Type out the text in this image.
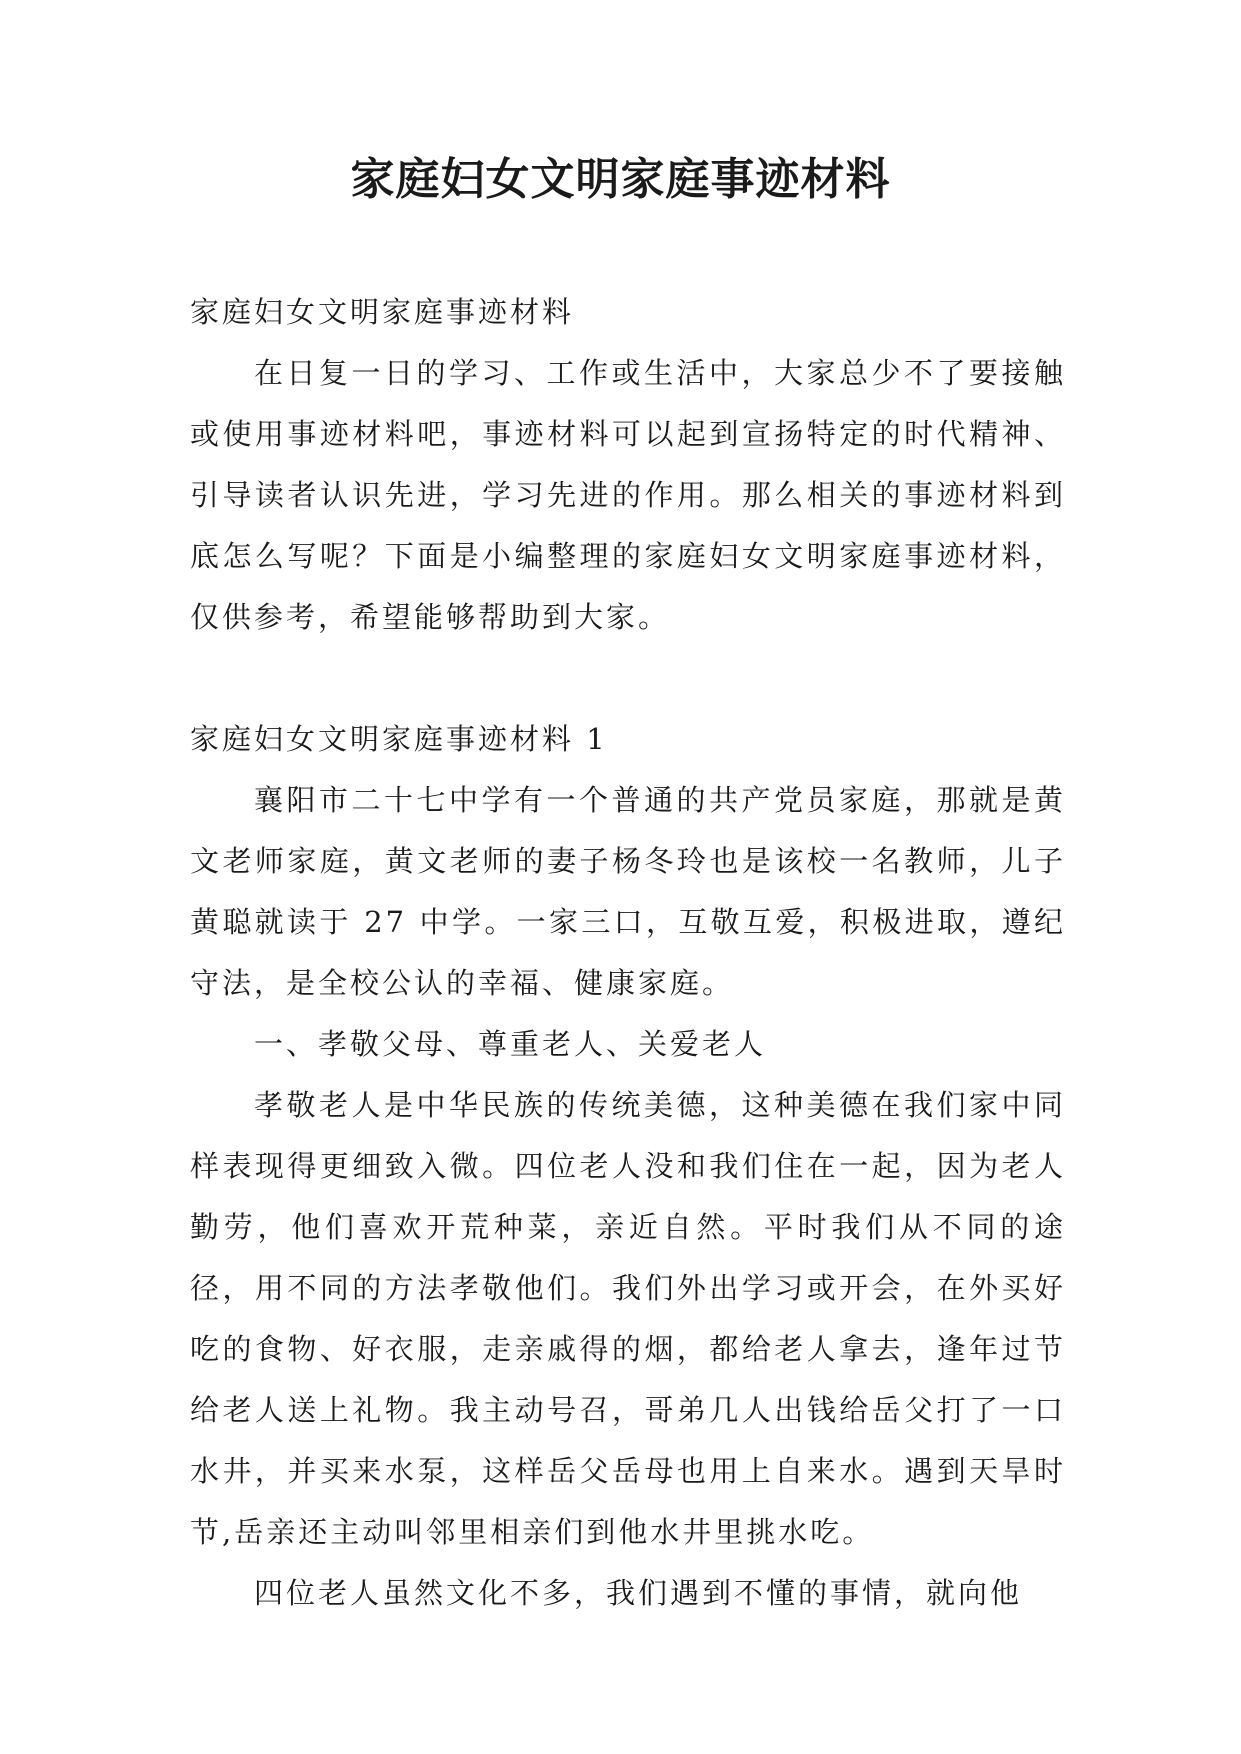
家庭妇女文明家庭事迹材料

家庭妇女文明家庭事迹材料

在日复一日的学习、工作或生活中，大家总少不了要接触或使用事迹材料吧，事迹材料可以起到宣扬特定的时代精神、引导读者认识先进，学习先进的作用。那么相关的事迹材料到底怎么写呢？下面是小编整理的家庭妇女文明家庭事迹材料，仅供参考，希望能够帮助到大家。

家庭妇女文明家庭事迹材料 1

襄阳市二十七中学有一个普通的共产党员家庭，那就是黄文老师家庭，黄文老师的妻子杨冬玲也是该校一名教师，儿子黄聪就读于 27 中学。一家三口，互敬互爱，积极进取，遵纪守法，是全校公认的幸福、健康家庭。

一、孝敬父母、尊重老人、关爱老人

孝敬老人是中华民族的传统美德，这种美德在我们家中同样表现得更细致入微。四位老人没和我们住在一起，因为老人勤劳，他们喜欢开荒种菜，亲近自然。平时我们从不同的途径，用不同的方法孝敬他们。我们外出学习或开会，在外买好吃的食物、好衣服，走亲戚得的烟，都给老人拿去，逢年过节给老人送上礼物。我主动号召，哥弟几人出钱给岳父打了一口水井，并买来水泵，这样岳父岳母也用上自来水。遇到天旱时节,岳亲还主动叫邻里相亲们到他水井里挑水吃。

四位老人虽然文化不多，我们遇到不懂的事情，就向他
